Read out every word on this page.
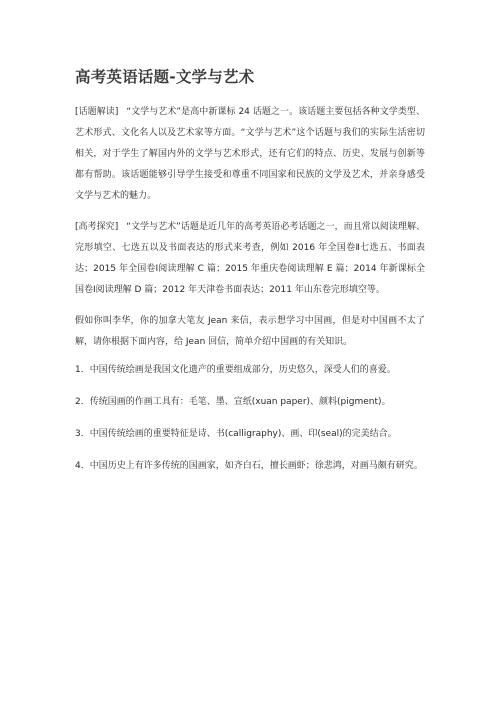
高考英语话题-文学与艺术

[话题解读] “文学与艺术”是高中新课标 24 话题之一。该话题主要包括各种文学类型、艺术形式、文化名人以及艺术家等方面。“文学与艺术”这个话题与我们的实际生活密切相关，对于学生了解国内外的文学与艺术形式，还有它们的特点、历史、发展与创新等都有帮助。该话题能够引导学生接受和尊重不同国家和民族的文学及艺术，并亲身感受文学与艺术的魅力。

[高考探究] “文学与艺术”话题是近几年的高考英语必考话题之一，而且常以阅读理解、完形填空、七选五以及书面表达的形式来考查，例如 2016 年全国卷Ⅱ七选五、书面表达；2015 年全国卷Ⅰ阅读理解 C 篇；2015 年重庆卷阅读理解 E 篇；2014 年新课标全国卷Ⅰ阅读理解 D 篇；2012 年天津卷书面表达；2011 年山东卷完形填空等。

假如你叫李华，你的加拿大笔友 Jean 来信，表示想学习中国画，但是对中国画不太了解，请你根据下面内容，给 Jean 回信，简单介绍中国画的有关知识。

1．中国传统绘画是我国文化遗产的重要组成部分，历史悠久，深受人们的喜爱。
2．传统国画的作画工具有：毛笔、墨、宣纸(xuan paper)、颜料(pigment)。
3．中国传统绘画的重要特征是诗、书(calligraphy)、画、印(seal)的完美结合。
4．中国历史上有许多传统的国画家，如齐白石，擅长画虾；徐悲鸿，对画马颇有研究。
